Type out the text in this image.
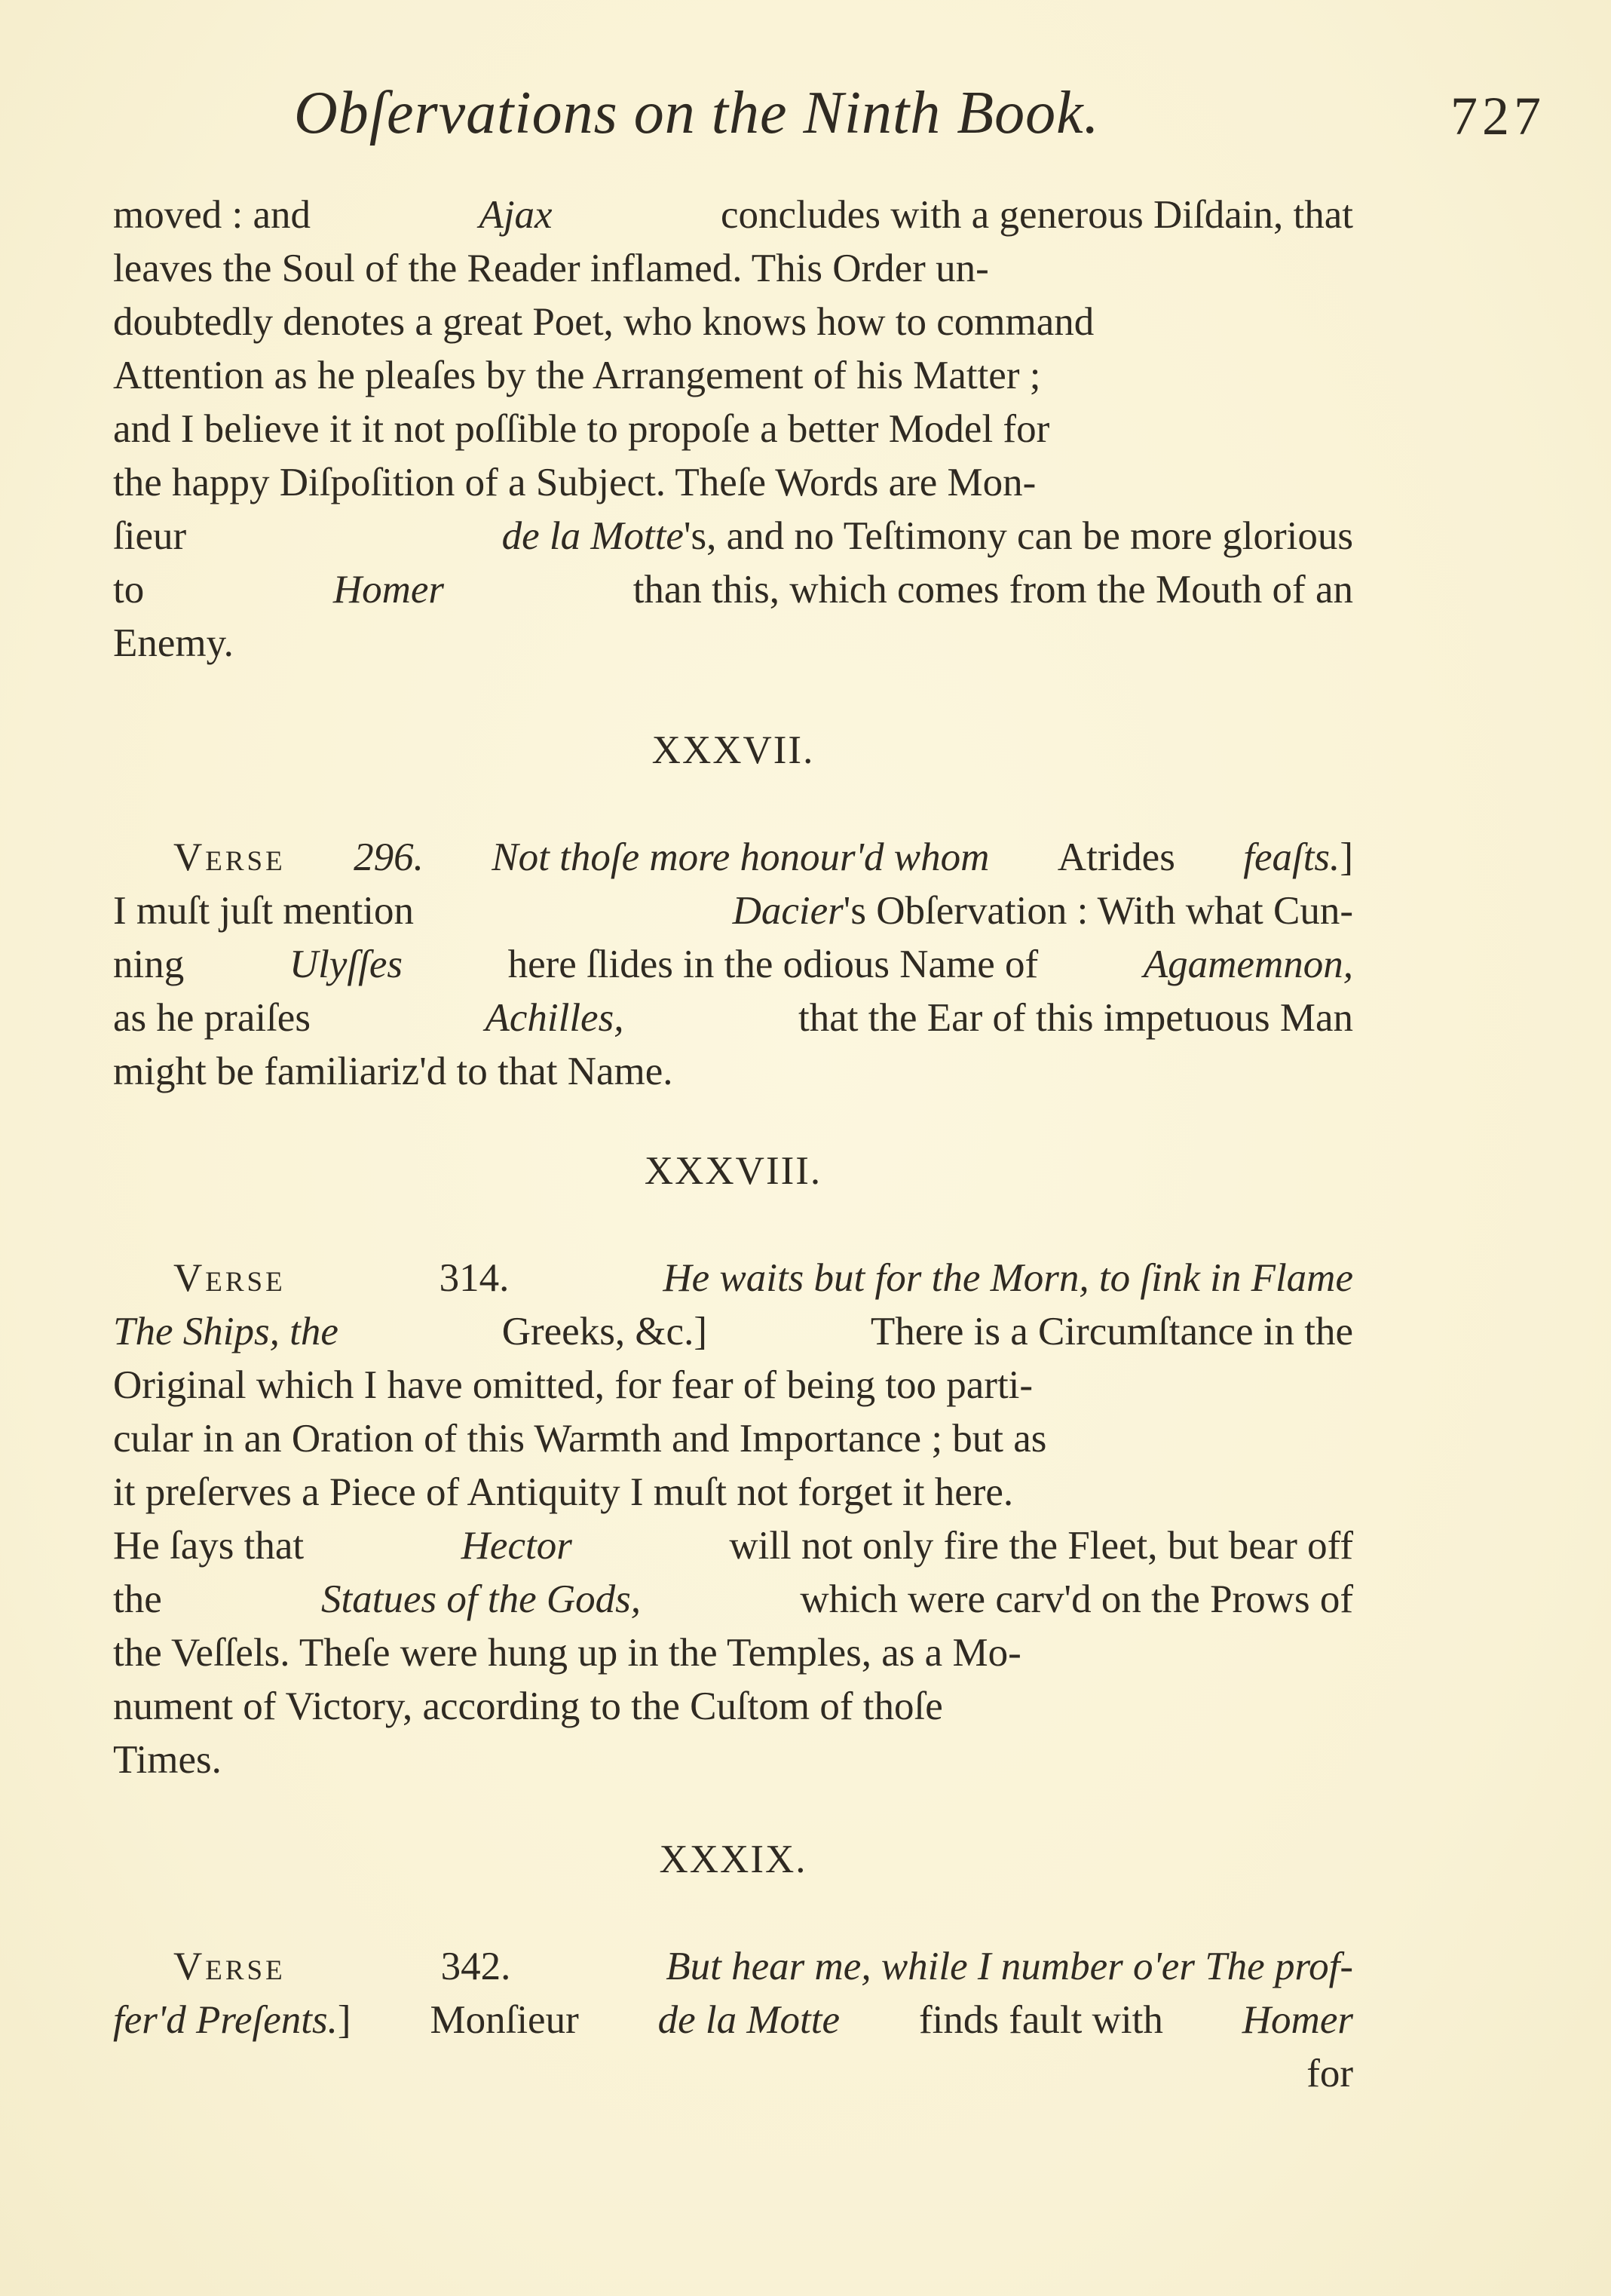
Obſervations on the Ninth Book.	727
moved : and	Ajax	concludes with a generous Diſdain, that
leaves the Soul of the Reader inflamed. This Order un-
doubtedly denotes a great Poet, who knows how to command
Attention as he pleaſes by the Arrangement of his Matter ;
and I believe it it not poſſible to propoſe a better Model for
the happy Diſpoſition of a Subject. Theſe Words are Mon-
ſieur	de la Motte's, and no Teſtimony can be more glorious
to	Homer	than this, which comes from the Mouth of an
Enemy.
XXXVII.
Verse 296. Not thoſe more honour'd whom Atrides feaſts.]
I muſt juſt mention	Dacier's Obſervation : With what Cun-
ning	Ulyſſes	here ſlides in the odious Name of	Agamemnon,
as he praiſes	Achilles,	that the Ear of this impetuous Man
might be familiariz'd to that Name.
XXXVIII.
Verse	314.	He waits but for the Morn, to ſink in Flame
The Ships, the	Greeks, &c.]	There is a Circumſtance in the
Original which I have omitted, for fear of being too parti-
cular in an Oration of this Warmth and Importance ; but as
it preſerves a Piece of Antiquity I muſt not forget it here.
He ſays that	Hector	will not only fire the Fleet, but bear off
the	Statues of the Gods,	which were carv'd on the Prows of
the Veſſels. Theſe were hung up in the Temples, as a Mo-
nument of Victory, according to the Cuſtom of thoſe
Times.
XXXIX.
Verse	342.	But hear me, while I number o'er The prof-
fer'd Preſents.] Monſieur de la Motte finds fault with Homer
for
